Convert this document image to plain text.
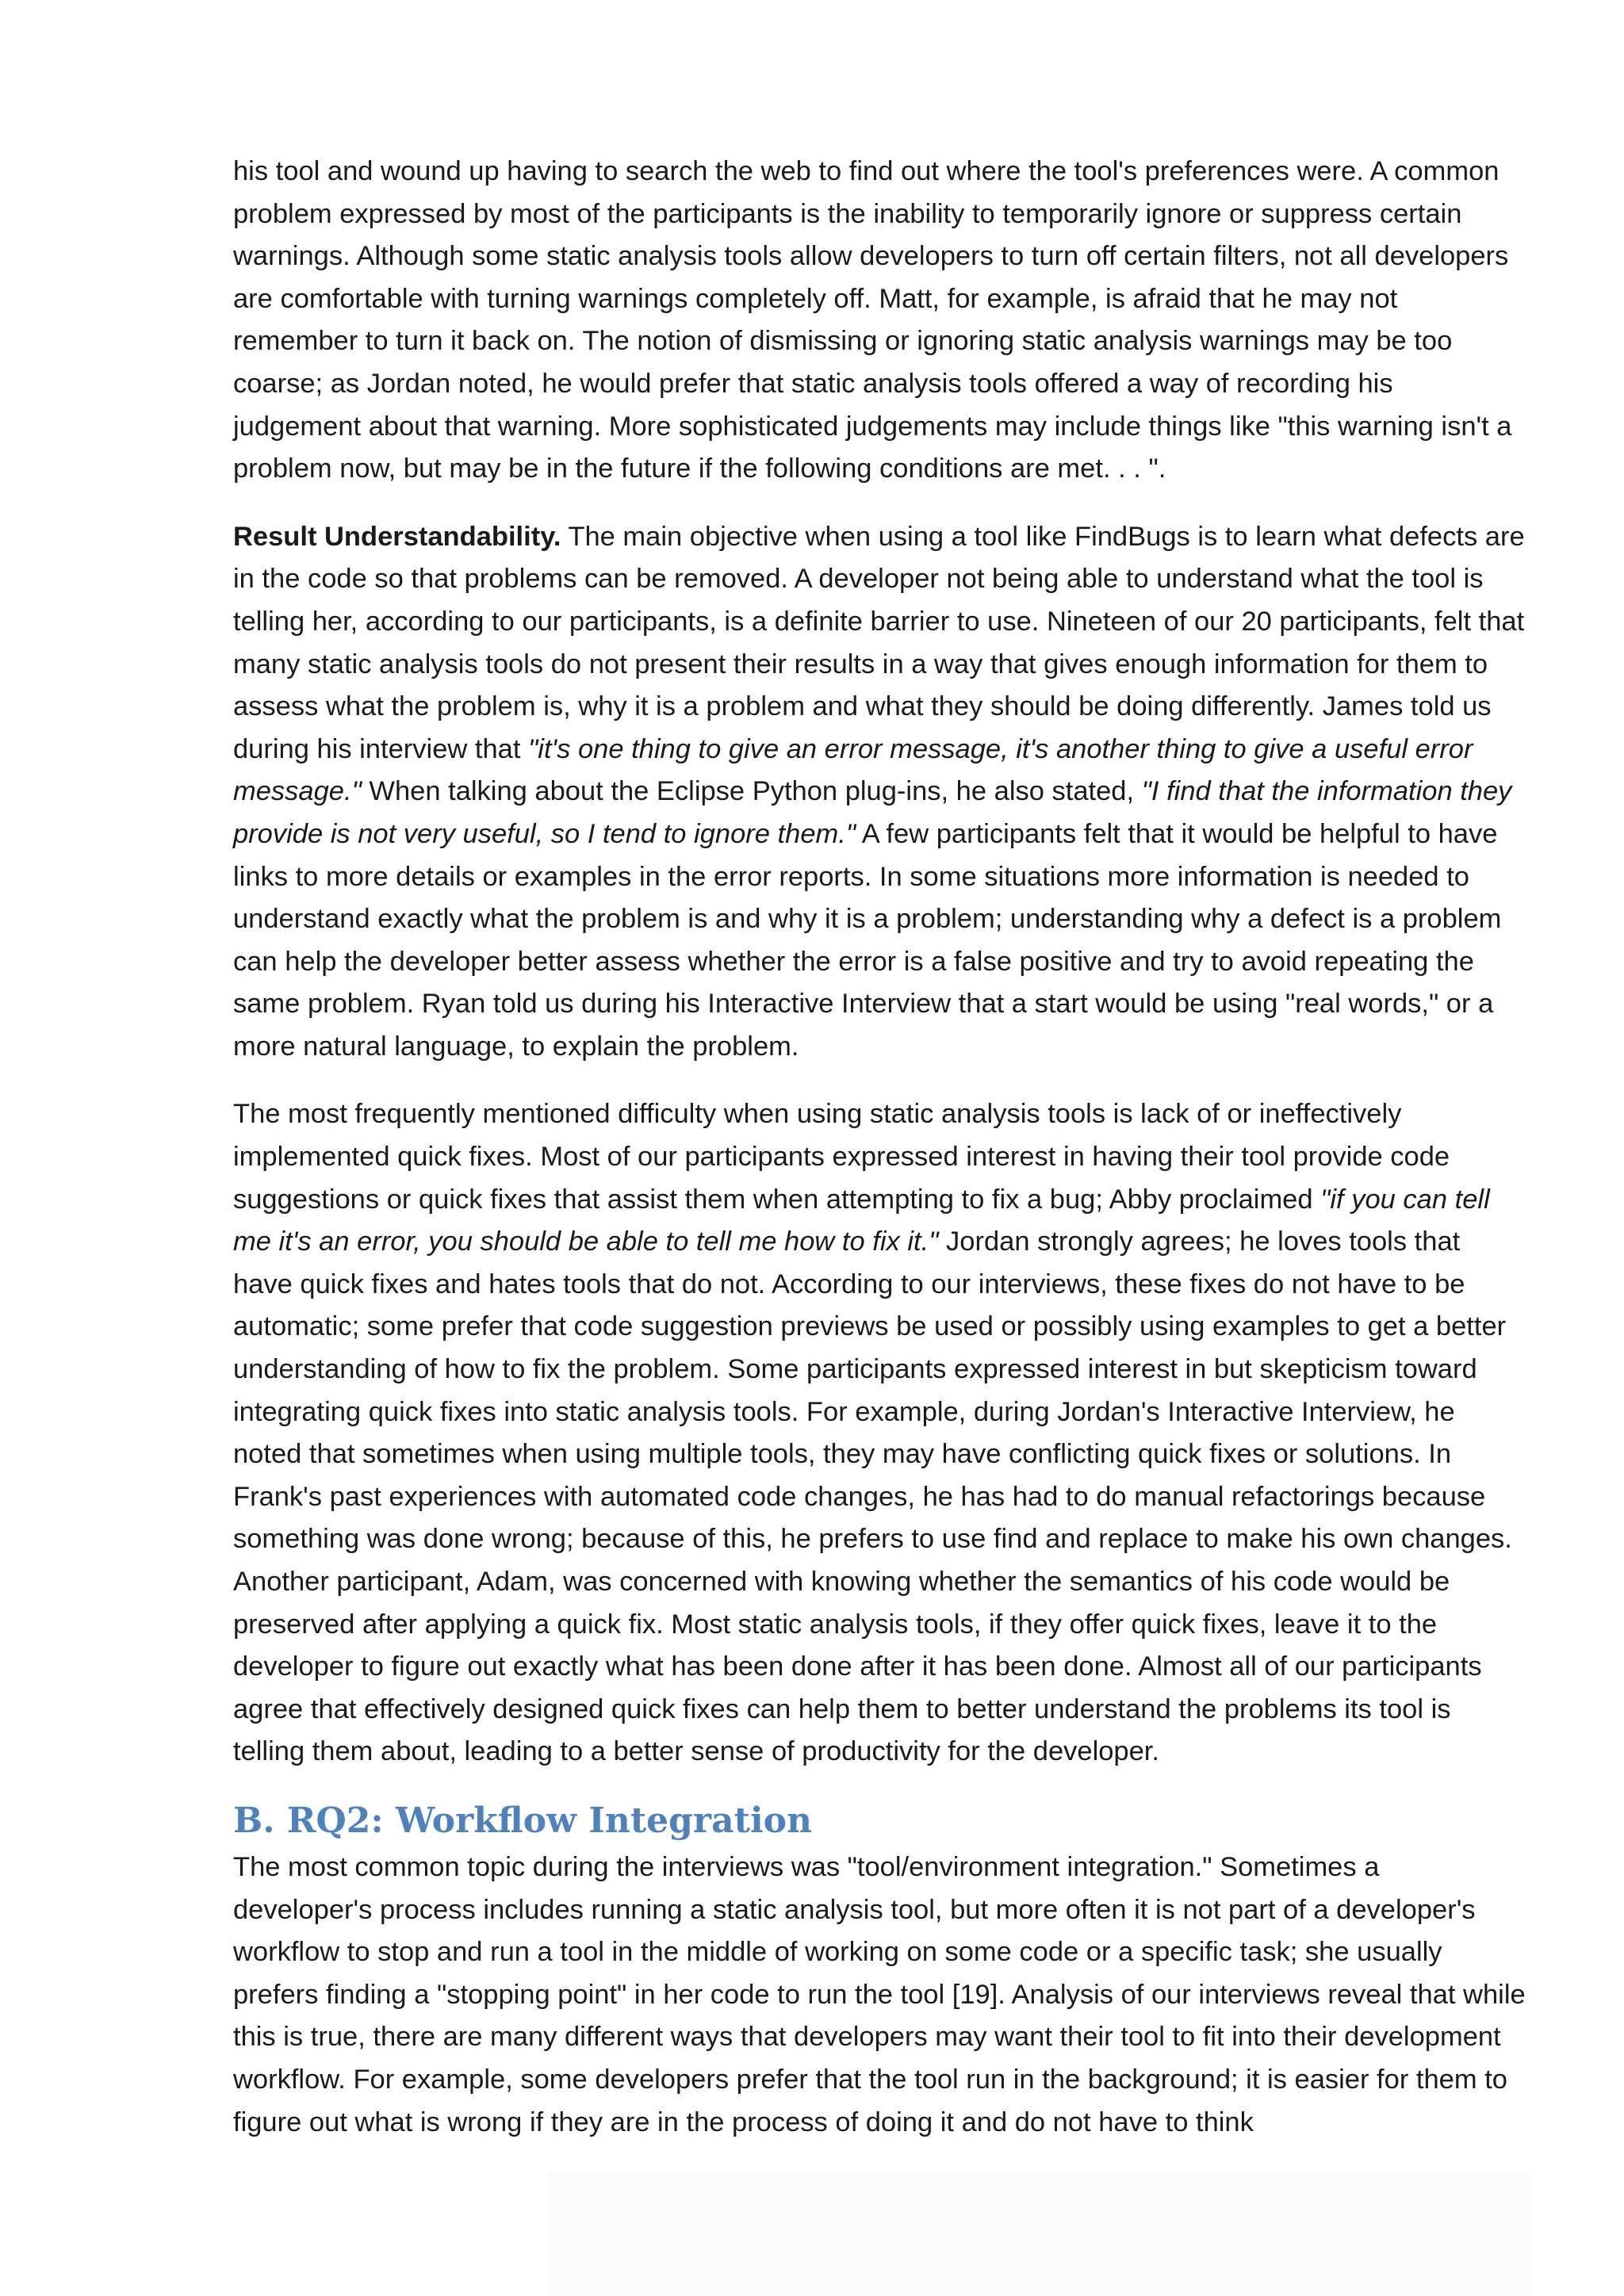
his tool and wound up having to search the web to find out where the tool's preferences were. A common problem expressed by most of the participants is the inability to temporarily ignore or suppress certain warnings. Although some static analysis tools allow developers to turn off certain filters, not all developers are comfortable with turning warnings completely off. Matt, for example, is afraid that he may not remember to turn it back on. The notion of dismissing or ignoring static analysis warnings may be too coarse; as Jordan noted, he would prefer that static analysis tools offered a way of recording his judgement about that warning. More sophisticated judgements may include things like "this warning isn't a problem now, but may be in the future if the following conditions are met. . . ".

Result Understandability. The main objective when using a tool like FindBugs is to learn what defects are in the code so that problems can be removed. A developer not being able to understand what the tool is telling her, according to our participants, is a definite barrier to use. Nineteen of our 20 participants, felt that many static analysis tools do not present their results in a way that gives enough information for them to assess what the problem is, why it is a problem and what they should be doing differently. James told us during his interview that "it's one thing to give an error message, it's another thing to give a useful error message." When talking about the Eclipse Python plug-ins, he also stated, "I find that the information they provide is not very useful, so I tend to ignore them." A few participants felt that it would be helpful to have links to more details or examples in the error reports. In some situations more information is needed to understand exactly what the problem is and why it is a problem; understanding why a defect is a problem can help the developer better assess whether the error is a false positive and try to avoid repeating the same problem. Ryan told us during his Interactive Interview that a start would be using "real words," or a more natural language, to explain the problem.

The most frequently mentioned difficulty when using static analysis tools is lack of or ineffectively implemented quick fixes. Most of our participants expressed interest in having their tool provide code suggestions or quick fixes that assist them when attempting to fix a bug; Abby proclaimed "if you can tell me it's an error, you should be able to tell me how to fix it." Jordan strongly agrees; he loves tools that have quick fixes and hates tools that do not. According to our interviews, these fixes do not have to be automatic; some prefer that code suggestion previews be used or possibly using examples to get a better understanding of how to fix the problem. Some participants expressed interest in but skepticism toward integrating quick fixes into static analysis tools. For example, during Jordan's Interactive Interview, he noted that sometimes when using multiple tools, they may have conflicting quick fixes or solutions. In Frank's past experiences with automated code changes, he has had to do manual refactorings because something was done wrong; because of this, he prefers to use find and replace to make his own changes. Another participant, Adam, was concerned with knowing whether the semantics of his code would be preserved after applying a quick fix. Most static analysis tools, if they offer quick fixes, leave it to the developer to figure out exactly what has been done after it has been done. Almost all of our participants agree that effectively designed quick fixes can help them to better understand the problems its tool is telling them about, leading to a better sense of productivity for the developer.

B. RQ2: Workflow Integration

The most common topic during the interviews was "tool/environment integration." Sometimes a developer's process includes running a static analysis tool, but more often it is not part of a developer's workflow to stop and run a tool in the middle of working on some code or a specific task; she usually prefers finding a "stopping point" in her code to run the tool [19]. Analysis of our interviews reveal that while this is true, there are many different ways that developers may want their tool to fit into their development workflow. For example, some developers prefer that the tool run in the background; it is easier for them to figure out what is wrong if they are in the process of doing it and do not have to think
